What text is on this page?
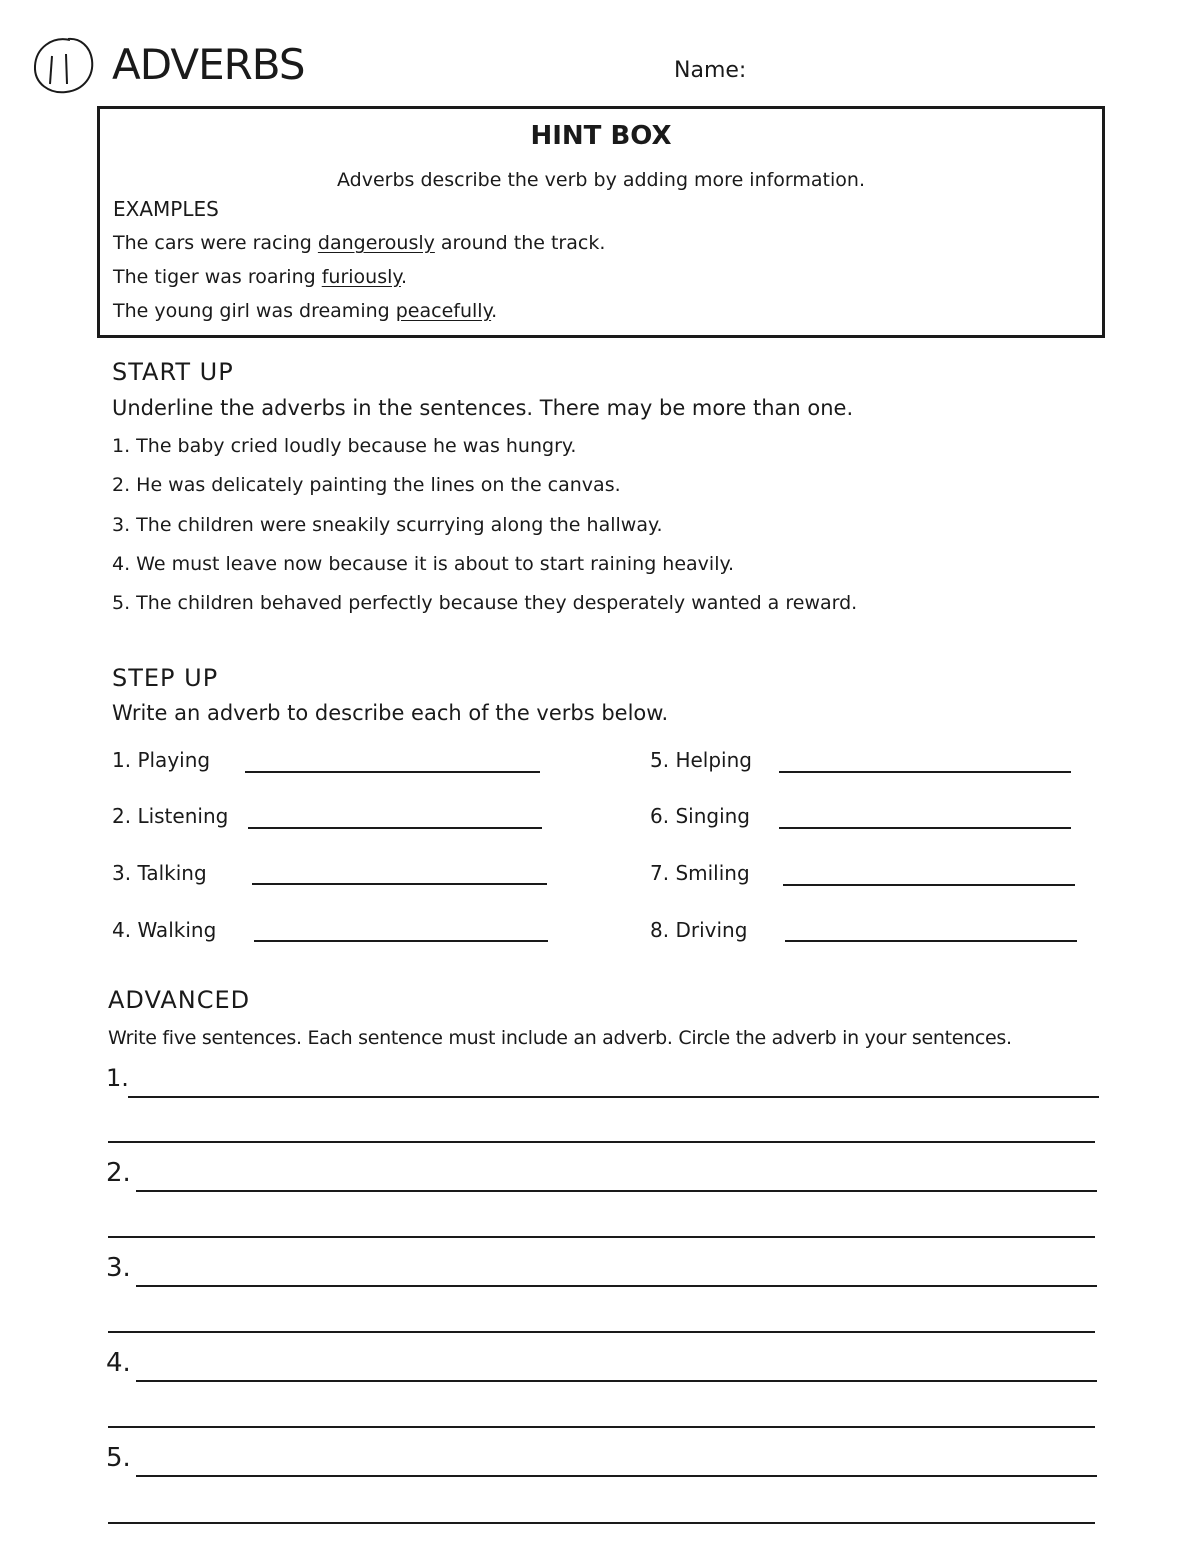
ADVERBS	Name:
HINT BOX
Adverbs describe the verb by adding more information.
EXAMPLES
The cars were racing dangerously around the track.
The tiger was roaring furiously.
The young girl was dreaming peacefully.
START UP
Underline the adverbs in the sentences. There may be more than one.
1. The baby cried loudly because he was hungry.
2. He was delicately painting the lines on the canvas.
3. The children were sneakily scurrying along the hallway.
4. We must leave now because it is about to start raining heavily.
5. The children behaved perfectly because they desperately wanted a reward.
STEP UP
Write an adverb to describe each of the verbs below.
1. Playing
2. Listening
3. Talking
4. Walking
5. Helping
6. Singing
7. Smiling
8. Driving
ADVANCED
Write five sentences. Each sentence must include an adverb. Circle the adverb in your sentences.
1.
2.
3.
4.
5.
